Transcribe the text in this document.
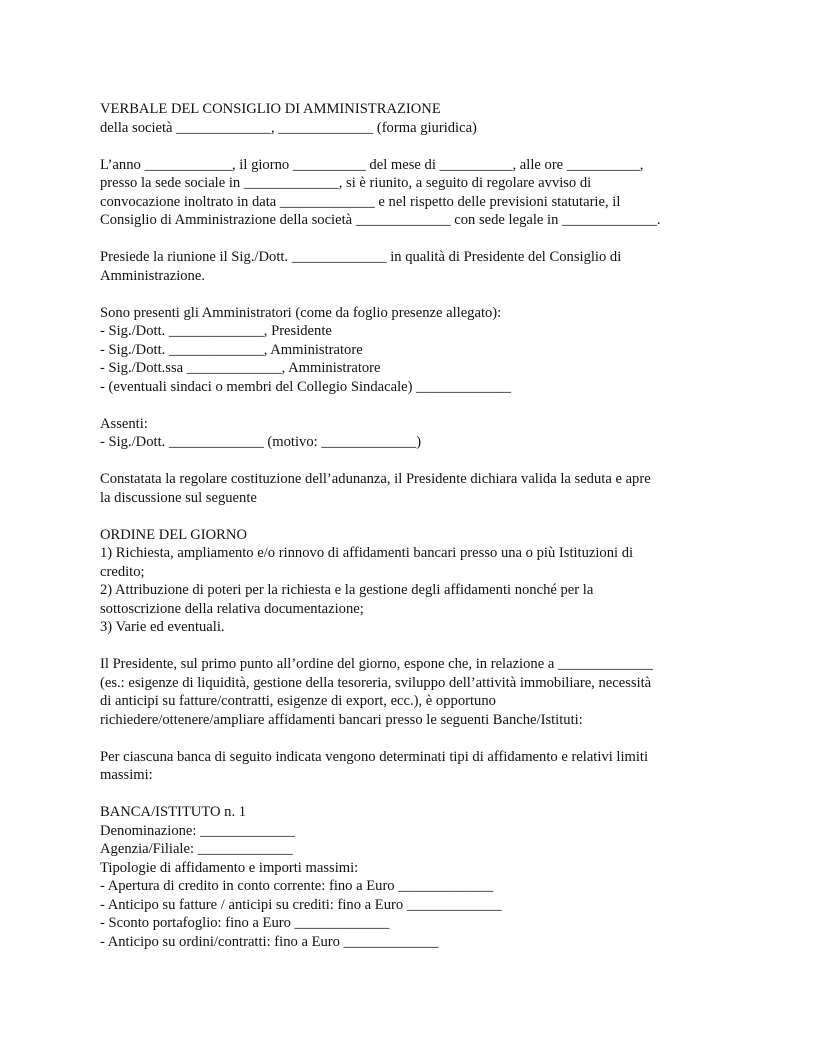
VERBALE DEL CONSIGLIO DI AMMINISTRAZIONE
della società _____________, _____________ (forma giuridica)
L’anno ____________, il giorno __________ del mese di __________, alle ore __________,
presso la sede sociale in _____________, si è riunito, a seguito di regolare avviso di
convocazione inoltrato in data _____________ e nel rispetto delle previsioni statutarie, il
Consiglio di Amministrazione della società _____________ con sede legale in _____________.
Presiede la riunione il Sig./Dott. _____________ in qualità di Presidente del Consiglio di
Amministrazione.
Sono presenti gli Amministratori (come da foglio presenze allegato):
- Sig./Dott. _____________, Presidente
- Sig./Dott. _____________, Amministratore
- Sig./Dott.ssa _____________, Amministratore
- (eventuali sindaci o membri del Collegio Sindacale) _____________
Assenti:
- Sig./Dott. _____________ (motivo: _____________)
Constatata la regolare costituzione dell’adunanza, il Presidente dichiara valida la seduta e apre
la discussione sul seguente
ORDINE DEL GIORNO
1) Richiesta, ampliamento e/o rinnovo di affidamenti bancari presso una o più Istituzioni di
credito;
2) Attribuzione di poteri per la richiesta e la gestione degli affidamenti nonché per la
sottoscrizione della relativa documentazione;
3) Varie ed eventuali.
Il Presidente, sul primo punto all’ordine del giorno, espone che, in relazione a _____________
(es.: esigenze di liquidità, gestione della tesoreria, sviluppo dell’attività immobiliare, necessità
di anticipi su fatture/contratti, esigenze di export, ecc.), è opportuno
richiedere/ottenere/ampliare affidamenti bancari presso le seguenti Banche/Istituti:
Per ciascuna banca di seguito indicata vengono determinati tipi di affidamento e relativi limiti
massimi:
BANCA/ISTITUTO n. 1
Denominazione: _____________
Agenzia/Filiale: _____________
Tipologie di affidamento e importi massimi:
- Apertura di credito in conto corrente: fino a Euro _____________
- Anticipo su fatture / anticipi su crediti: fino a Euro _____________
- Sconto portafoglio: fino a Euro _____________
- Anticipo su ordini/contratti: fino a Euro _____________
